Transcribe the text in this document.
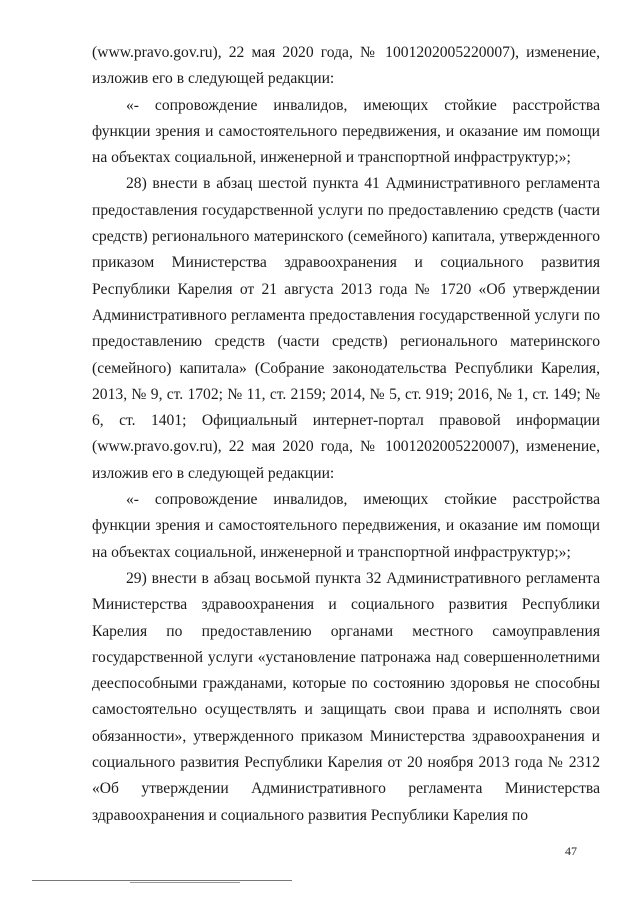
(www.pravo.gov.ru), 22 мая 2020 года, № 1001202005220007), изменение, изложив его в следующей редакции:

«- сопровождение инвалидов, имеющих стойкие расстройства функции зрения и самостоятельного передвижения, и оказание им помощи на объектах социальной, инженерной и транспортной инфраструктур;»;

28) внести в абзац шестой пункта 41 Административного регламента предоставления государственной услуги по предоставлению средств (части средств) регионального материнского (семейного) капитала, утвержденного приказом Министерства здравоохранения и социального развития Республики Карелия от 21 августа 2013 года № 1720 «Об утверждении Административного регламента предоставления государственной услуги по предоставлению средств (части средств) регионального материнского (семейного) капитала» (Собрание законодательства Республики Карелия, 2013, № 9, ст. 1702; № 11, ст. 2159; 2014, № 5, ст. 919; 2016, № 1, ст. 149; № 6, ст. 1401; Официальный интернет-портал правовой информации (www.pravo.gov.ru), 22 мая 2020 года, № 1001202005220007), изменение, изложив его в следующей редакции:

«- сопровождение инвалидов, имеющих стойкие расстройства функции зрения и самостоятельного передвижения, и оказание им помощи на объектах социальной, инженерной и транспортной инфраструктур;»;

29) внести в абзац восьмой пункта 32 Административного регламента Министерства здравоохранения и социального развития Республики Карелия по предоставлению органами местного самоуправления государственной услуги «установление патронажа над совершеннолетними дееспособными гражданами, которые по состоянию здоровья не способны самостоятельно осуществлять и защищать свои права и исполнять свои обязанности», утвержденного приказом Министерства здравоохранения и социального развития Республики Карелия от 20 ноября 2013 года № 2312 «Об утверждении Административного регламента Министерства здравоохранения и социального развития Республики Карелия по

47
